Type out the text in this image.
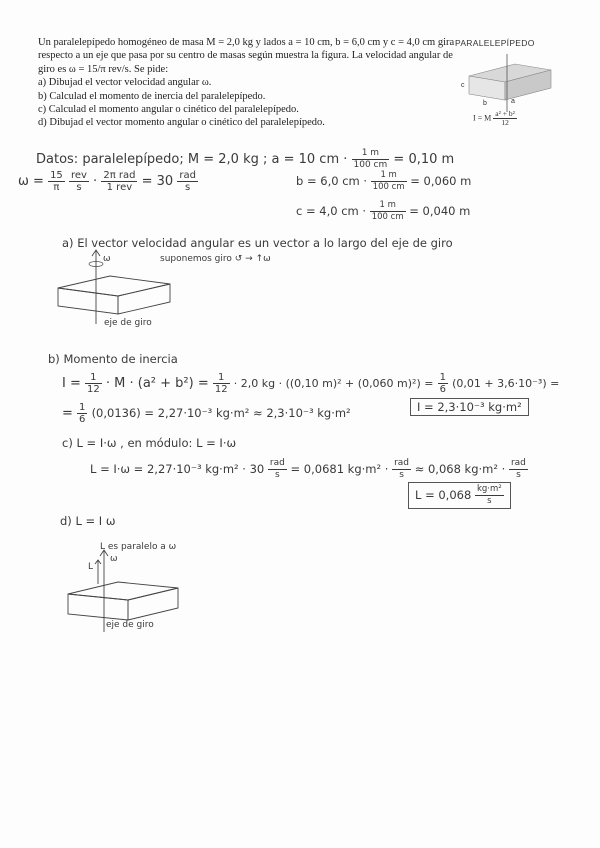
Un paralelepípedo homogéneo de masa M = 2,0 kg y lados a = 10 cm, b = 6,0 cm y c = 4,0 cm gira
respecto a un eje que pasa por su centro de masas según muestra la figura. La velocidad angular de
giro es ω = 15/π rev/s. Se pide:
a) Dibujad el vector velocidad angular ω.
b) Calculad el momento de inercia del paralelepípedo.
c) Calculad el momento angular o cinético del paralelepípedo.
d) Dibujad el vector momento angular o cinético del paralelepípedo.
PARALELEPÍPEDO
c
b	a
I = M $\frac{\text{a² + b²}}{12}$
Datos: paralelepípedo; M = 2,0 kg ; a = 10 cm · $\frac{1 m}{100 cm} = 0,10$ m
$\omega = \frac{15}{\pi}$
$\frac{\text{rev}}{s} \cdot \frac{\text{2π rad}}{\text{1 rev}} = 30 \frac{\text{rad}}{s}$	b = 6,0 cm · $\frac{1 m}{100 cm} = 0,060$ m
c = 4,0 cm · $\frac{1 m}{100 cm} = 0,040$ m
a) El vector velocidad angular es un vector a lo largo del eje de giro
suponemos giro ↺ → ↑ω
ω
eje de giro
b) Momento de inercia
$I = \frac{1}{12} \cdot M \cdot (a^2 + b^2) = \frac{1}{12} \cdot 2,0$ kg · ((0,10 m)² + (0,060 $m)^2) = \frac{1}{6} (0,01 + 3,6\cdot 10^{-3})$ =
= $\frac{1}{6} (0,0136) = 2,27\cdot 10^{-3}$ kg·m² ≈ 2,3·10⁻³ kg·m²	I = 2,3·10⁻³ kg·m²
c) L = I·ω , en módulo: L = I·ω
L = I·ω = 2,27·10⁻³ $kg\cdot m^2 \cdot 30 \frac{\text{rad}}{s} = 0,0681$ $kg\cdot m^2 \cdot \frac{\text{rad}}{s} \approx 0,068$ $kg\cdot m^2 \cdot \frac{\text{rad}}{s}$
$L = 0,068 \frac{\text{kg·m²}}{s}$
d) L = I ω
L es paralelo a ω
L
ω
eje de giro
